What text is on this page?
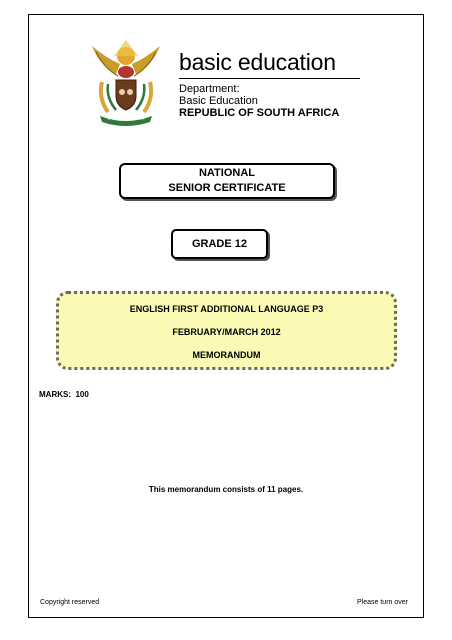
basic education
Department:
Basic Education
REPUBLIC OF SOUTH AFRICA
NATIONAL
SENIOR CERTIFICATE
GRADE 12
ENGLISH FIRST ADDITIONAL LANGUAGE P3
FEBRUARY/MARCH 2012
MEMORANDUM
MARKS:  100
This memorandum consists of 11 pages.
Copyright reserved	Please turn over
